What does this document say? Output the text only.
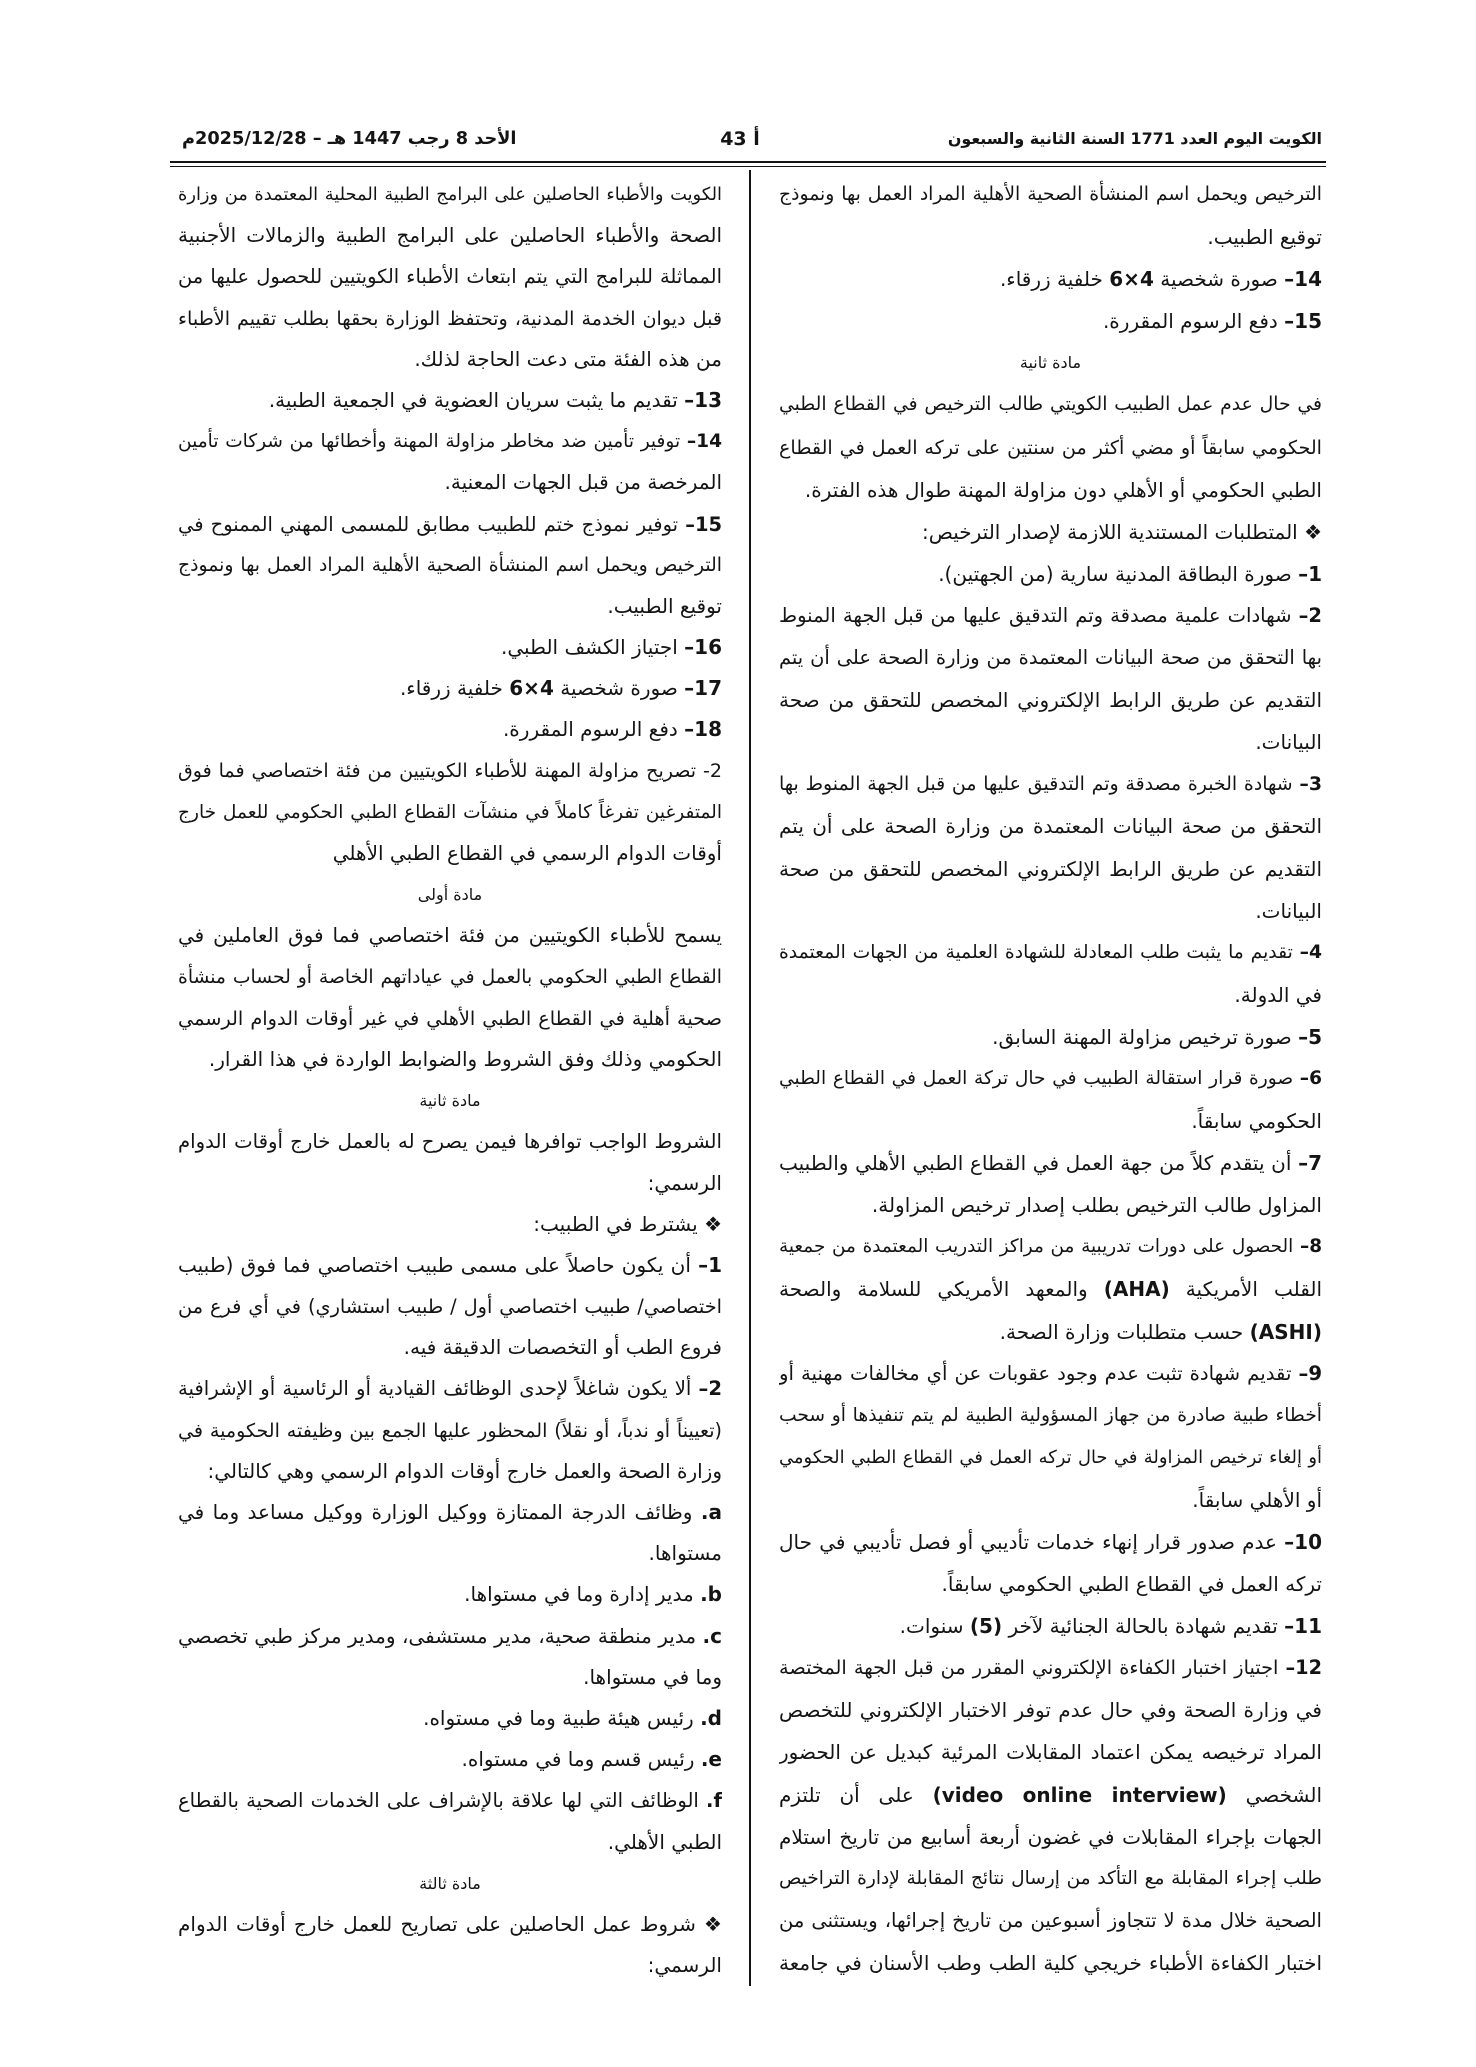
الكويت اليوم العدد 1771 السنة الثانية والسبعون
أ 43
الأحد 8 رجب 1447 هـ – 2025/12/28م
الترخيص ويحمل اسم المنشأة الصحية الأهلية المراد العمل بها ونموذج
توقيع الطبيب.
14– صورة شخصية 4×6 خلفية زرقاء.
15– دفع الرسوم المقررة.
مادة ثانية
في حال عدم عمل الطبيب الكويتي طالب الترخيص في القطاع الطبي
الحكومي سابقاً أو مضي أكثر من سنتين على تركه العمل في القطاع
الطبي الحكومي أو الأهلي دون مزاولة المهنة طوال هذه الفترة.
❖ المتطلبات المستندية اللازمة لإصدار الترخيص:
1– صورة البطاقة المدنية سارية (من الجهتين).
2– شهادات علمية مصدقة وتم التدقيق عليها من قبل الجهة المنوط
بها التحقق من صحة البيانات المعتمدة من وزارة الصحة على أن يتم
التقديم عن طريق الرابط الإلكتروني المخصص للتحقق من صحة
البيانات.
3– شهادة الخبرة مصدقة وتم التدقيق عليها من قبل الجهة المنوط بها
التحقق من صحة البيانات المعتمدة من وزارة الصحة على أن يتم
التقديم عن طريق الرابط الإلكتروني المخصص للتحقق من صحة
البيانات.
4– تقديم ما يثبت طلب المعادلة للشهادة العلمية من الجهات المعتمدة
في الدولة.
5– صورة ترخيص مزاولة المهنة السابق.
6– صورة قرار استقالة الطبيب في حال تركة العمل في القطاع الطبي
الحكومي سابقاً.
7– أن يتقدم كلاً من جهة العمل في القطاع الطبي الأهلي والطبيب
المزاول طالب الترخيص بطلب إصدار ترخيص المزاولة.
8– الحصول على دورات تدريبية من مراكز التدريب المعتمدة من جمعية
القلب الأمريكية (AHA) والمعهد الأمريكي للسلامة والصحة
(ASHI) حسب متطلبات وزارة الصحة.
9– تقديم شهادة تثبت عدم وجود عقوبات عن أي مخالفات مهنية أو
أخطاء طبية صادرة من جهاز المسؤولية الطبية لم يتم تنفيذها أو سحب
أو إلغاء ترخيص المزاولة في حال تركه العمل في القطاع الطبي الحكومي
أو الأهلي سابقاً.
10– عدم صدور قرار إنهاء خدمات تأديبي أو فصل تأديبي في حال
تركه العمل في القطاع الطبي الحكومي سابقاً.
11– تقديم شهادة بالحالة الجنائية لآخر (5) سنوات.
12– اجتياز اختبار الكفاءة الإلكتروني المقرر من قبل الجهة المختصة
في وزارة الصحة وفي حال عدم توفر الاختبار الإلكتروني للتخصص
المراد ترخيصه يمكن اعتماد المقابلات المرئية كبديل عن الحضور
الشخصي (video online interview) على أن تلتزم
الجهات بإجراء المقابلات في غضون أربعة أسابيع من تاريخ استلام
طلب إجراء المقابلة مع التأكد من إرسال نتائج المقابلة لإدارة التراخيص
الصحية خلال مدة لا تتجاوز أسبوعين من تاريخ إجرائها، ويستثنى من
اختبار الكفاءة الأطباء خريجي كلية الطب وطب الأسنان في جامعة
الكويت والأطباء الحاصلين على البرامج الطبية المحلية المعتمدة من وزارة
الصحة والأطباء الحاصلين على البرامج الطبية والزمالات الأجنبية
المماثلة للبرامج التي يتم ابتعاث الأطباء الكويتيين للحصول عليها من
قبل ديوان الخدمة المدنية، وتحتفظ الوزارة بحقها بطلب تقييم الأطباء
من هذه الفئة متى دعت الحاجة لذلك.
13– تقديم ما يثبت سريان العضوية في الجمعية الطبية.
14– توفير تأمين ضد مخاطر مزاولة المهنة وأخطائها من شركات تأمين
المرخصة من قبل الجهات المعنية.
15– توفير نموذج ختم للطبيب مطابق للمسمى المهني الممنوح في
الترخيص ويحمل اسم المنشأة الصحية الأهلية المراد العمل بها ونموذج
توقيع الطبيب.
16– اجتياز الكشف الطبي.
17– صورة شخصية 4×6 خلفية زرقاء.
18– دفع الرسوم المقررة.
2- تصريح مزاولة المهنة للأطباء الكويتيين من فئة اختصاصي فما فوق
المتفرغين تفرغاً كاملاً في منشآت القطاع الطبي الحكومي للعمل خارج
أوقات الدوام الرسمي في القطاع الطبي الأهلي
مادة أولى
يسمح للأطباء الكويتيين من فئة اختصاصي فما فوق العاملين في
القطاع الطبي الحكومي بالعمل في عياداتهم الخاصة أو لحساب منشأة
صحية أهلية في القطاع الطبي الأهلي في غير أوقات الدوام الرسمي
الحكومي وذلك وفق الشروط والضوابط الواردة في هذا القرار.
مادة ثانية
الشروط الواجب توافرها فيمن يصرح له بالعمل خارج أوقات الدوام
الرسمي:
❖ يشترط في الطبيب:
1– أن يكون حاصلاً على مسمى طبيب اختصاصي فما فوق (طبيب
اختصاصي/ طبيب اختصاصي أول / طبيب استشاري) في أي فرع من
فروع الطب أو التخصصات الدقيقة فيه.
2– ألا يكون شاغلاً لإحدى الوظائف القيادية أو الرئاسية أو الإشرافية
(تعييناً أو ندباً، أو نقلاً) المحظور عليها الجمع بين وظيفته الحكومية في
وزارة الصحة والعمل خارج أوقات الدوام الرسمي وهي كالتالي:
a. وظائف الدرجة الممتازة ووكيل الوزارة ووكيل مساعد وما في
مستواها.
b. مدير إدارة وما في مستواها.
c. مدير منطقة صحية، مدير مستشفى، ومدير مركز طبي تخصصي
وما في مستواها.
d. رئيس هيئة طبية وما في مستواه.
e. رئيس قسم وما في مستواه.
f. الوظائف التي لها علاقة بالإشراف على الخدمات الصحية بالقطاع
الطبي الأهلي.
مادة ثالثة
❖ شروط عمل الحاصلين على تصاريح للعمل خارج أوقات الدوام
الرسمي:
